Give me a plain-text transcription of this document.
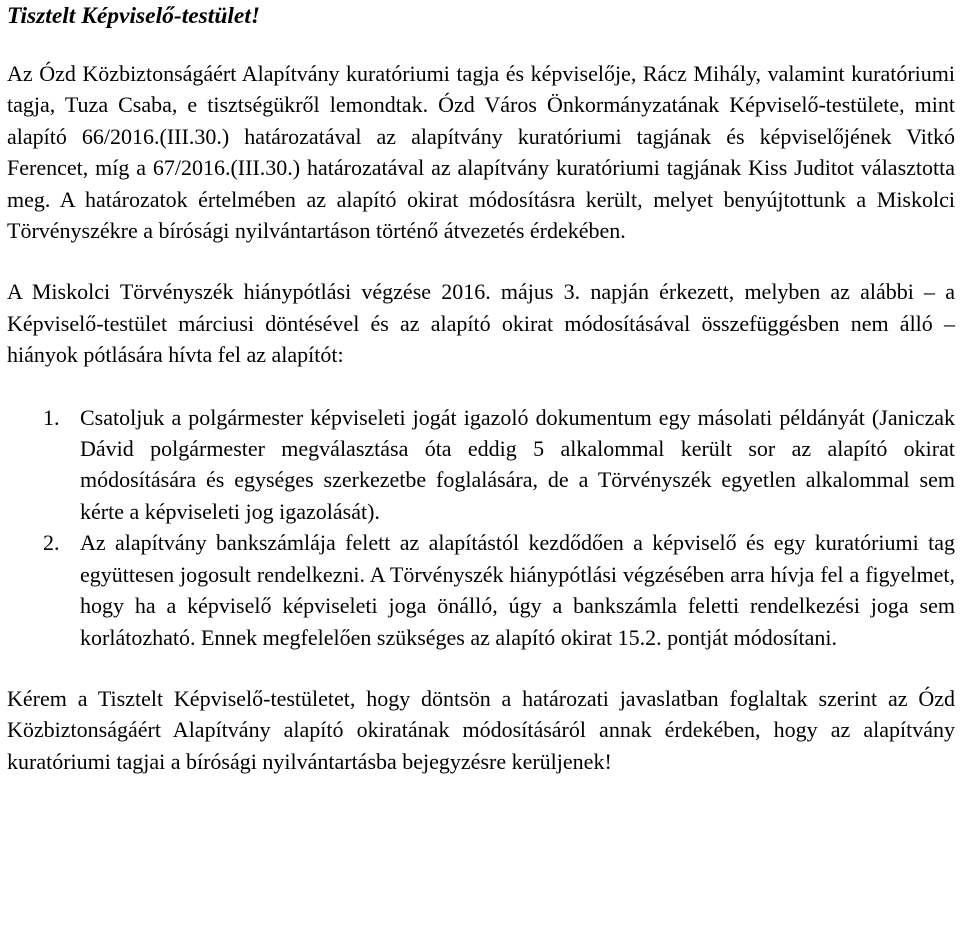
Tisztelt Képviselő-testület!

Az Ózd Közbiztonságáért Alapítvány kuratóriumi tagja és képviselője, Rácz Mihály, valamint kuratóriumi tagja, Tuza Csaba, e tisztségükről lemondtak. Ózd Város Önkormányzatának Képviselő-testülete, mint alapító 66/2016.(III.30.) határozatával az alapítvány kuratóriumi tagjának és képviselőjének Vitkó Ferencet, míg a 67/2016.(III.30.) határozatával az alapítvány kuratóriumi tagjának Kiss Juditot választotta meg. A határozatok értelmében az alapító okirat módosításra került, melyet benyújtottunk a Miskolci Törvényszékre a bírósági nyilvántartáson történő átvezetés érdekében.

A Miskolci Törvényszék hiánypótlási végzése 2016. május 3. napján érkezett, melyben az alábbi – a Képviselő-testület márciusi döntésével és az alapító okirat módosításával összefüggésben nem álló – hiányok pótlására hívta fel az alapítót:

1. Csatoljuk a polgármester képviseleti jogát igazoló dokumentum egy másolati példányát (Janiczak Dávid polgármester megválasztása óta eddig 5 alkalommal került sor az alapító okirat módosítására és egységes szerkezetbe foglalására, de a Törvényszék egyetlen alkalommal sem kérte a képviseleti jog igazolását).
2. Az alapítvány bankszámlája felett az alapítástól kezdődően a képviselő és egy kuratóriumi tag együttesen jogosult rendelkezni. A Törvényszék hiánypótlási végzésében arra hívja fel a figyelmet, hogy ha a képviselő képviseleti joga önálló, úgy a bankszámla feletti rendelkezési joga sem korlátozható. Ennek megfelelően szükséges az alapító okirat 15.2. pontját módosítani.

Kérem a Tisztelt Képviselő-testületet, hogy döntsön a határozati javaslatban foglaltak szerint az Ózd Közbiztonságáért Alapítvány alapító okiratának módosításáról annak érdekében, hogy az alapítvány kuratóriumi tagjai a bírósági nyilvántartásba bejegyzésre kerüljenek!
